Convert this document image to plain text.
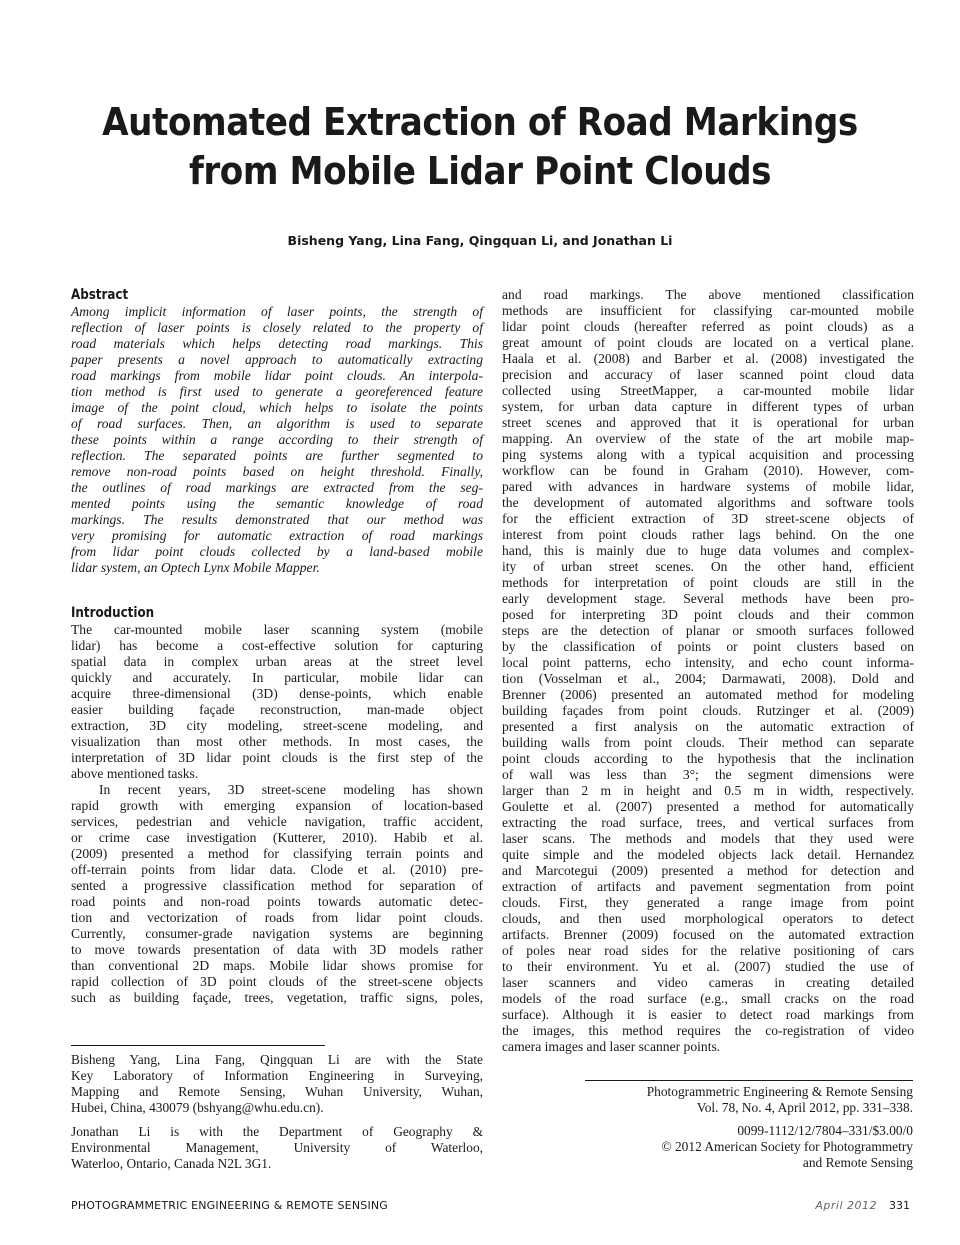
Automated Extraction of Road Markings
from Mobile Lidar Point Clouds

Bisheng Yang, Lina Fang, Qingquan Li, and Jonathan Li

Abstract
Among implicit information of laser points, the strength of
reflection of laser points is closely related to the property of
road materials which helps detecting road markings. This
paper presents a novel approach to automatically extracting
road markings from mobile lidar point clouds. An interpola-
tion method is first used to generate a georeferenced feature
image of the point cloud, which helps to isolate the points
of road surfaces. Then, an algorithm is used to separate
these points within a range according to their strength of
reflection. The separated points are further segmented to
remove non-road points based on height threshold. Finally,
the outlines of road markings are extracted from the seg-
mented points using the semantic knowledge of road
markings. The results demonstrated that our method was
very promising for automatic extraction of road markings
from lidar point clouds collected by a land-based mobile
lidar system, an Optech Lynx Mobile Mapper.
Introduction
The car-mounted mobile laser scanning system (mobile
lidar) has become a cost-effective solution for capturing
spatial data in complex urban areas at the street level
quickly and accurately. In particular, mobile lidar can
acquire three-dimensional (3D) dense-points, which enable
easier building façade reconstruction, man-made object
extraction, 3D city modeling, street-scene modeling, and
visualization than most other methods. In most cases, the
interpretation of 3D lidar point clouds is the first step of the
above mentioned tasks.
In recent years, 3D street-scene modeling has shown
rapid growth with emerging expansion of location-based
services, pedestrian and vehicle navigation, traffic accident,
or crime case investigation (Kutterer, 2010). Habib et al.
(2009) presented a method for classifying terrain points and
off-terrain points from lidar data. Clode et al. (2010) pre-
sented a progressive classification method for separation of
road points and non-road points towards automatic detec-
tion and vectorization of roads from lidar point clouds.
Currently, consumer-grade navigation systems are beginning
to move towards presentation of data with 3D models rather
than conventional 2D maps. Mobile lidar shows promise for
rapid collection of 3D point clouds of the street-scene objects
such as building façade, trees, vegetation, traffic signs, poles,
Bisheng Yang, Lina Fang, Qingquan Li are with the State
Key Laboratory of Information Engineering in Surveying,
Mapping and Remote Sensing, Wuhan University, Wuhan,
Hubei, China, 430079 (bshyang@whu.edu.cn).
Jonathan Li is with the Department of Geography &
Environmental Management, University of Waterloo,
Waterloo, Ontario, Canada N2L 3G1.
and road markings. The above mentioned classification
methods are insufficient for classifying car-mounted mobile
lidar point clouds (hereafter referred as point clouds) as a
great amount of point clouds are located on a vertical plane.
Haala et al. (2008) and Barber et al. (2008) investigated the
precision and accuracy of laser scanned point cloud data
collected using StreetMapper, a car-mounted mobile lidar
system, for urban data capture in different types of urban
street scenes and approved that it is operational for urban
mapping. An overview of the state of the art mobile map-
ping systems along with a typical acquisition and processing
workflow can be found in Graham (2010). However, com-
pared with advances in hardware systems of mobile lidar,
the development of automated algorithms and software tools
for the efficient extraction of 3D street-scene objects of
interest from point clouds rather lags behind. On the one
hand, this is mainly due to huge data volumes and complex-
ity of urban street scenes. On the other hand, efficient
methods for interpretation of point clouds are still in the
early development stage. Several methods have been pro-
posed for interpreting 3D point clouds and their common
steps are the detection of planar or smooth surfaces followed
by the classification of points or point clusters based on
local point patterns, echo intensity, and echo count informa-
tion (Vosselman et al., 2004; Darmawati, 2008). Dold and
Brenner (2006) presented an automated method for modeling
building façades from point clouds. Rutzinger et al. (2009)
presented a first analysis on the automatic extraction of
building walls from point clouds. Their method can separate
point clouds according to the hypothesis that the inclination
of wall was less than 3°; the segment dimensions were
larger than 2 m in height and 0.5 m in width, respectively.
Goulette et al. (2007) presented a method for automatically
extracting the road surface, trees, and vertical surfaces from
laser scans. The methods and models that they used were
quite simple and the modeled objects lack detail. Hernandez
and Marcotegui (2009) presented a method for detection and
extraction of artifacts and pavement segmentation from point
clouds. First, they generated a range image from point
clouds, and then used morphological operators to detect
artifacts. Brenner (2009) focused on the automated extraction
of poles near road sides for the relative positioning of cars
to their environment. Yu et al. (2007) studied the use of
laser scanners and video cameras in creating detailed
models of the road surface (e.g., small cracks on the road
surface). Although it is easier to detect road markings from
the images, this method requires the co-registration of video
camera images and laser scanner points.
Photogrammetric Engineering & Remote Sensing
Vol. 78, No. 4, April 2012, pp. 331–338.
0099-1112/12/7804–331/$3.00/0
© 2012 American Society for Photogrammetry
and Remote Sensing
PHOTOGRAMMETRIC ENGINEERING & REMOTE SENSING	April 2012 331
